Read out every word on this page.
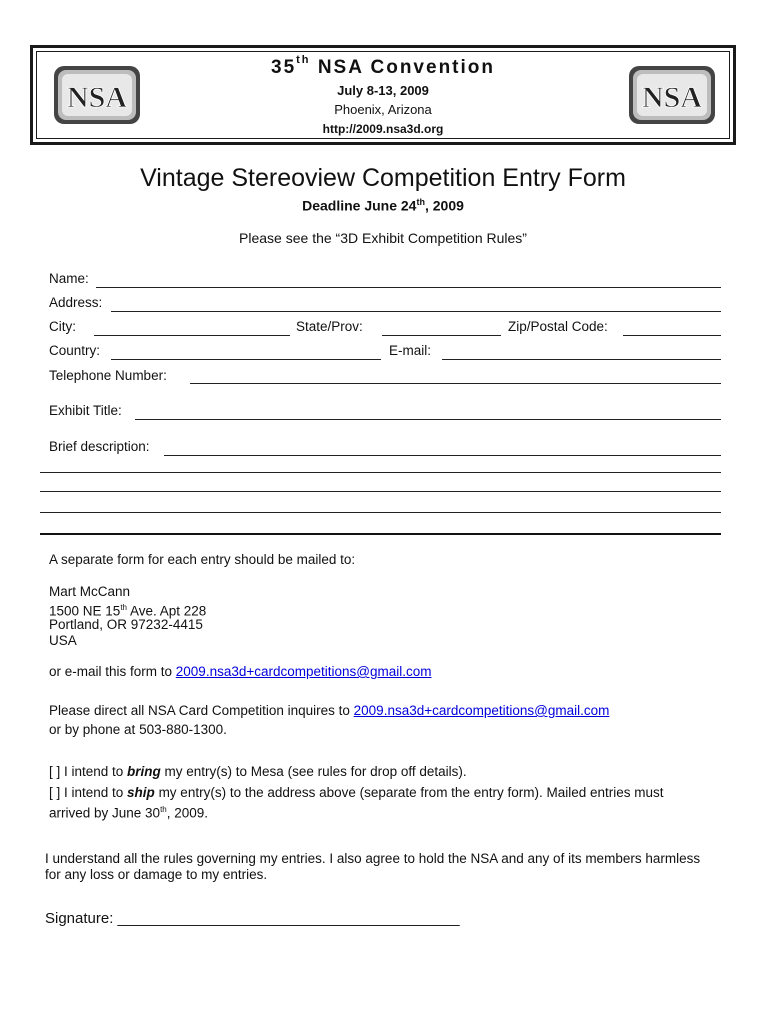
NSA	NSA
35th NSA Convention
July 8-13, 2009
Phoenix, Arizona
http://2009.nsa3d.org
Vintage Stereoview Competition Entry Form
Deadline June 24th, 2009
Please see the “3D Exhibit Competition Rules”
Name:
Address:
City:	State/Prov:	Zip/Postal Code:
Country:	E-mail:
Telephone Number:
Exhibit Title:
Brief description:
A separate form for each entry should be mailed to:
Mart McCann
1500 NE 15th Ave. Apt 228
Portland, OR 97232-4415
USA
or e-mail this form to 2009.nsa3d+cardcompetitions@gmail.com
Please direct all NSA Card Competition inquires to 2009.nsa3d+cardcompetitions@gmail.com
or by phone at 503-880-1300.
[ ] I intend to bring my entry(s) to Mesa (see rules for drop off details).
[ ] I intend to ship my entry(s) to the address above (separate from the entry form). Mailed entries must
arrived by June 30th, 2009.
I understand all the rules governing my entries. I also agree to hold the NSA and any of its members harmless
for any loss or damage to my entries.
Signature: _________________________________________
